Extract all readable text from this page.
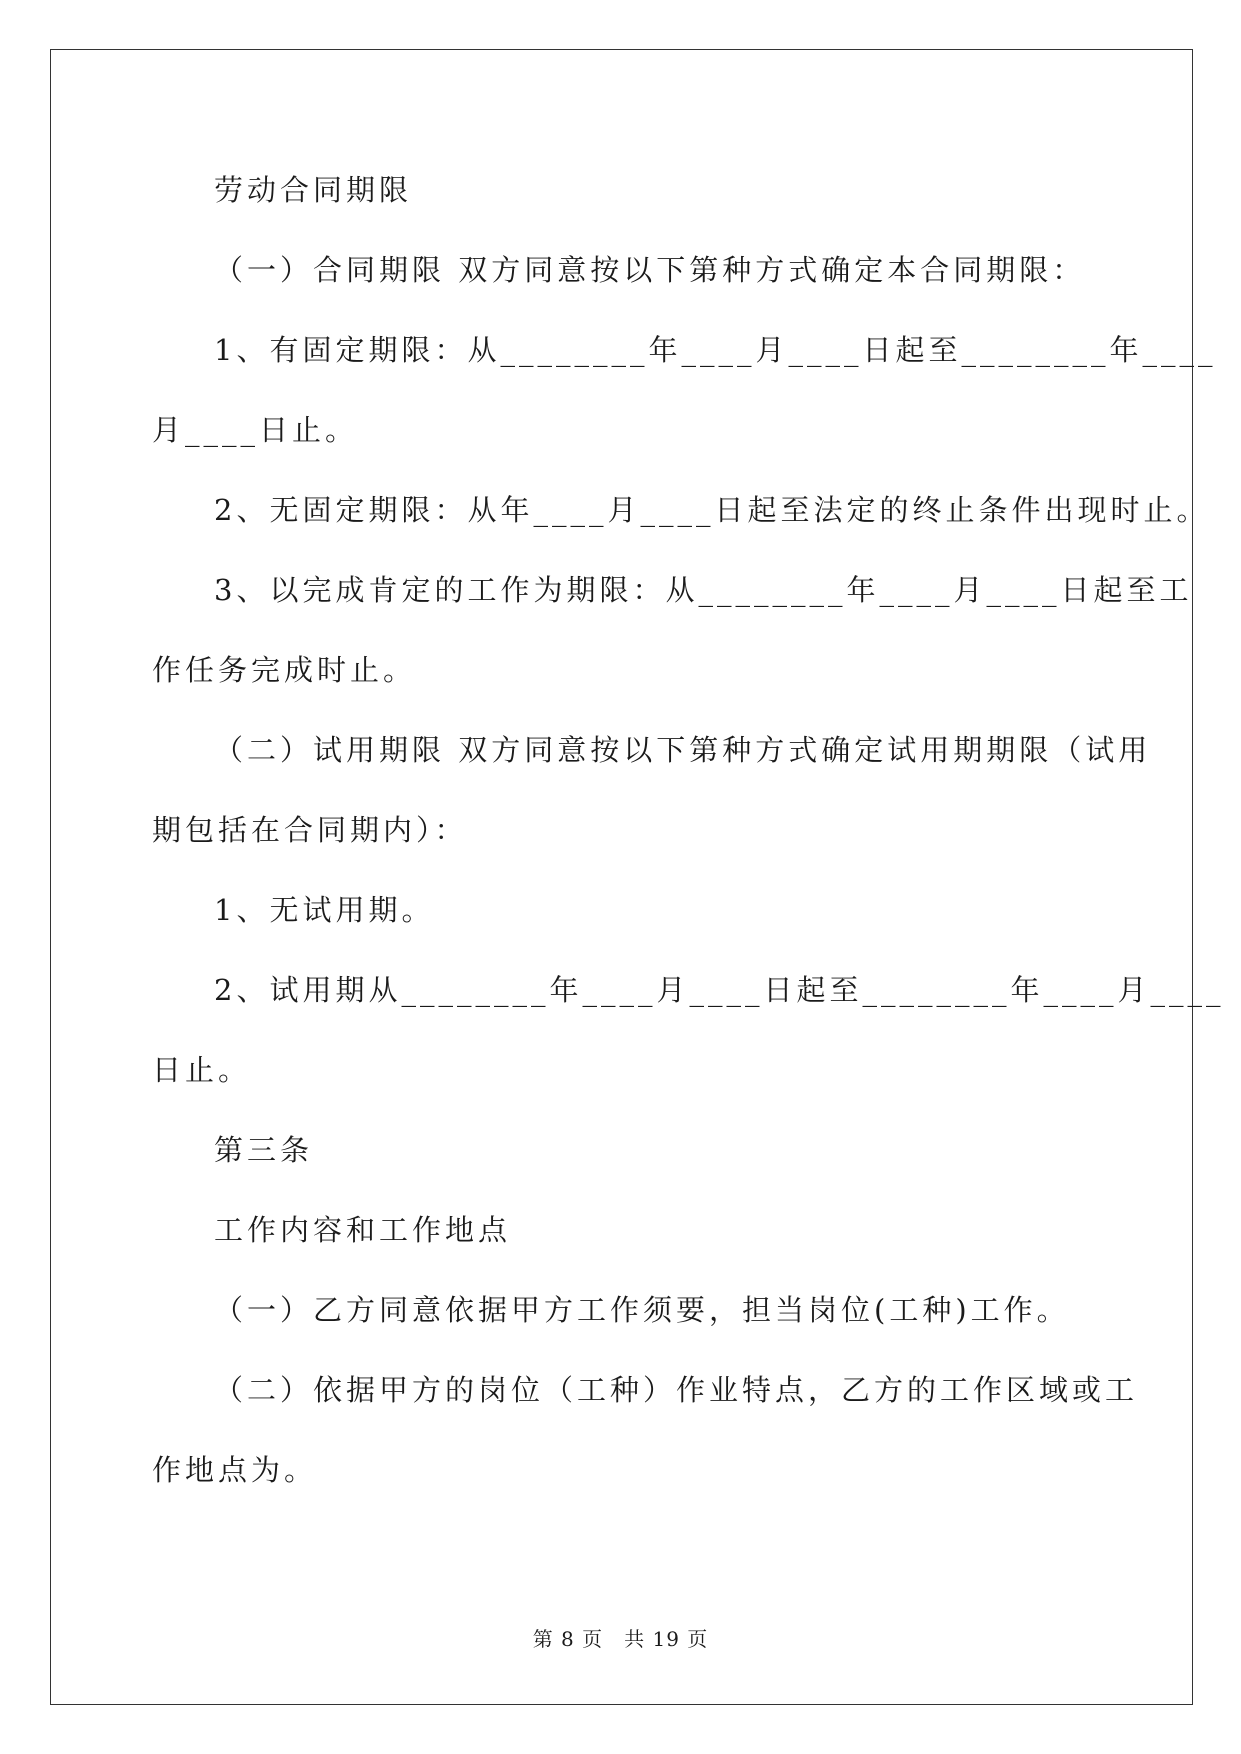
劳动合同期限
（一）合同期限 双方同意按以下第种方式确定本合同期限：
1、有固定期限：从________年____月____日起至________年____
月____日止。
2、无固定期限：从年____月____日起至法定的终止条件出现时止。
3、以完成肯定的工作为期限：从________年____月____日起至工
作任务完成时止。
（二）试用期限 双方同意按以下第种方式确定试用期期限（试用
期包括在合同期内）：
1、无试用期。
2、试用期从________年____月____日起至________年____月____
日止。
第三条
工作内容和工作地点
（一）乙方同意依据甲方工作须要，担当岗位(工种)工作。
（二）依据甲方的岗位（工种）作业特点，乙方的工作区域或工
作地点为。
第 8 页　共 19 页
